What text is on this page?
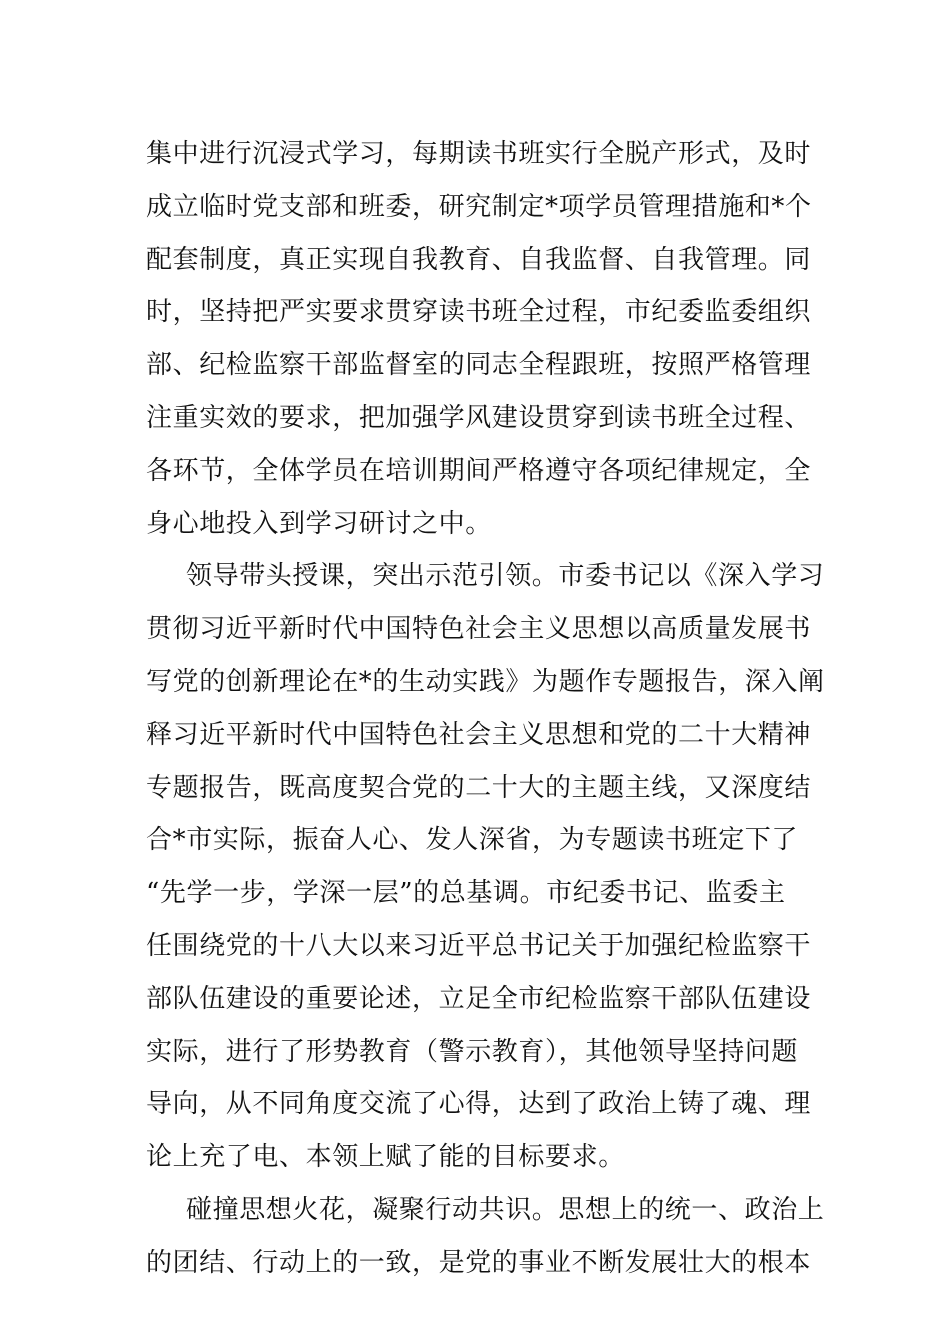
集中进行沉浸式学习，每期读书班实行全脱产形式，及时
成立临时党支部和班委，研究制定*项学员管理措施和*个
配套制度，真正实现自我教育、自我监督、自我管理。同
时，坚持把严实要求贯穿读书班全过程，市纪委监委组织
部、纪检监察干部监督室的同志全程跟班，按照严格管理
注重实效的要求，把加强学风建设贯穿到读书班全过程、
各环节，全体学员在培训期间严格遵守各项纪律规定，全
身心地投入到学习研讨之中。
领导带头授课，突出示范引领。市委书记以《深入学习
贯彻习近平新时代中国特色社会主义思想以高质量发展书
写党的创新理论在*的生动实践》为题作专题报告，深入阐
释习近平新时代中国特色社会主义思想和党的二十大精神
专题报告，既高度契合党的二十大的主题主线，又深度结
合*市实际，振奋人心、发人深省，为专题读书班定下了
“先学一步，学深一层”的总基调。市纪委书记、监委主
任围绕党的十八大以来习近平总书记关于加强纪检监察干
部队伍建设的重要论述，立足全市纪检监察干部队伍建设
实际，进行了形势教育（警示教育），其他领导坚持问题
导向，从不同角度交流了心得，达到了政治上铸了魂、理
论上充了电、本领上赋了能的目标要求。
碰撞思想火花，凝聚行动共识。思想上的统一、政治上
的团结、行动上的一致，是党的事业不断发展壮大的根本
